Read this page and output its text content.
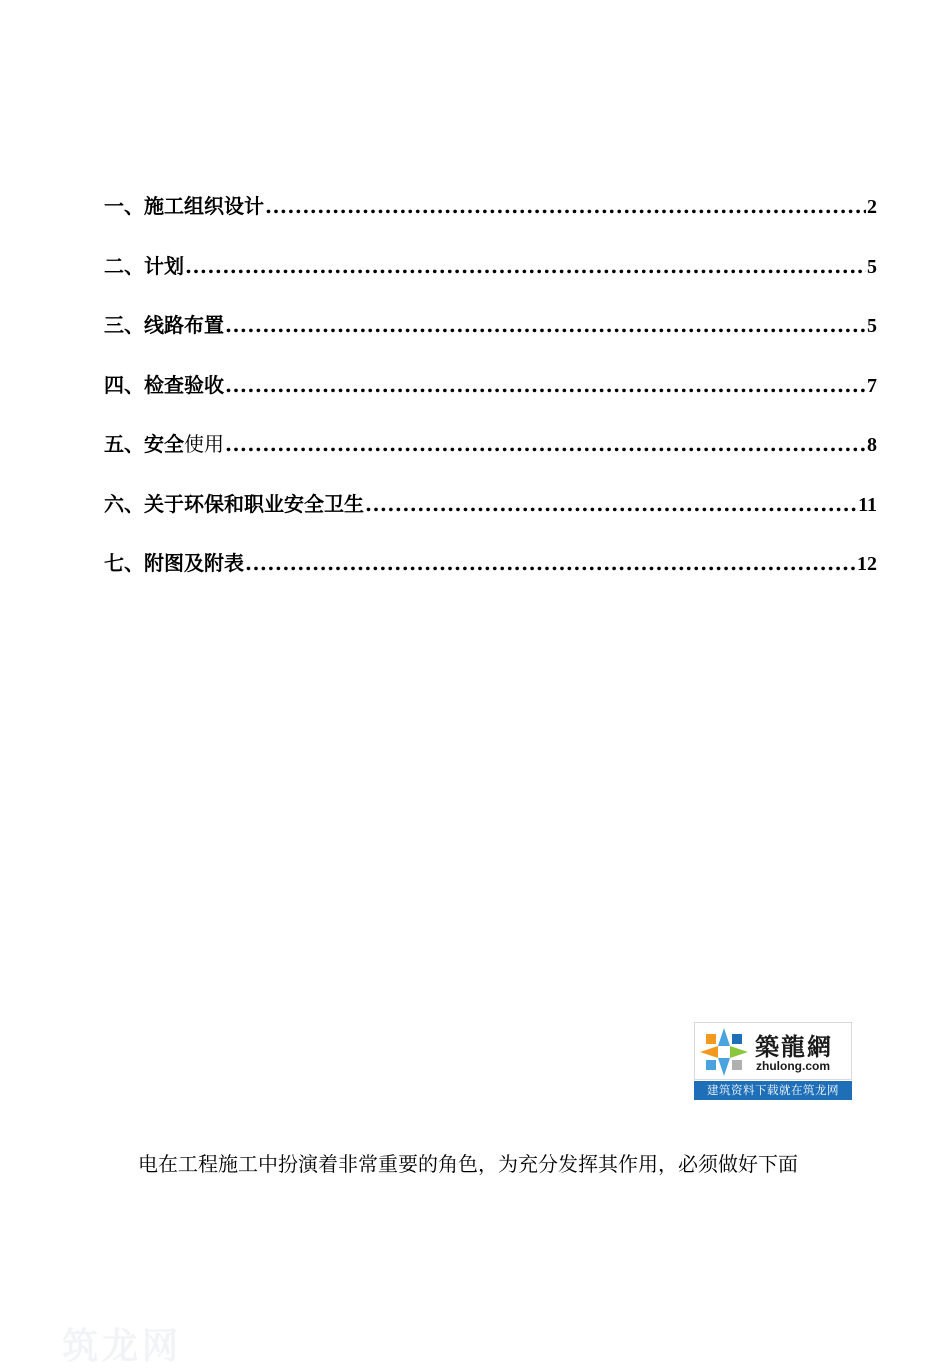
一、施工组织设计 .....	2
二、计划 .....	5
三、线路布置 .....	5
四、检查验收 .....	7
五、安全使用 .....	8
六、关于环保和职业安全卫生 .....	11
七、附图及附表 .....	12
築龍網
zhulong.com
建筑资料下载就在筑龙网
电在工程施工中扮演着非常重要的角色，为充分发挥其作用，必须做好下面
筑龙网
